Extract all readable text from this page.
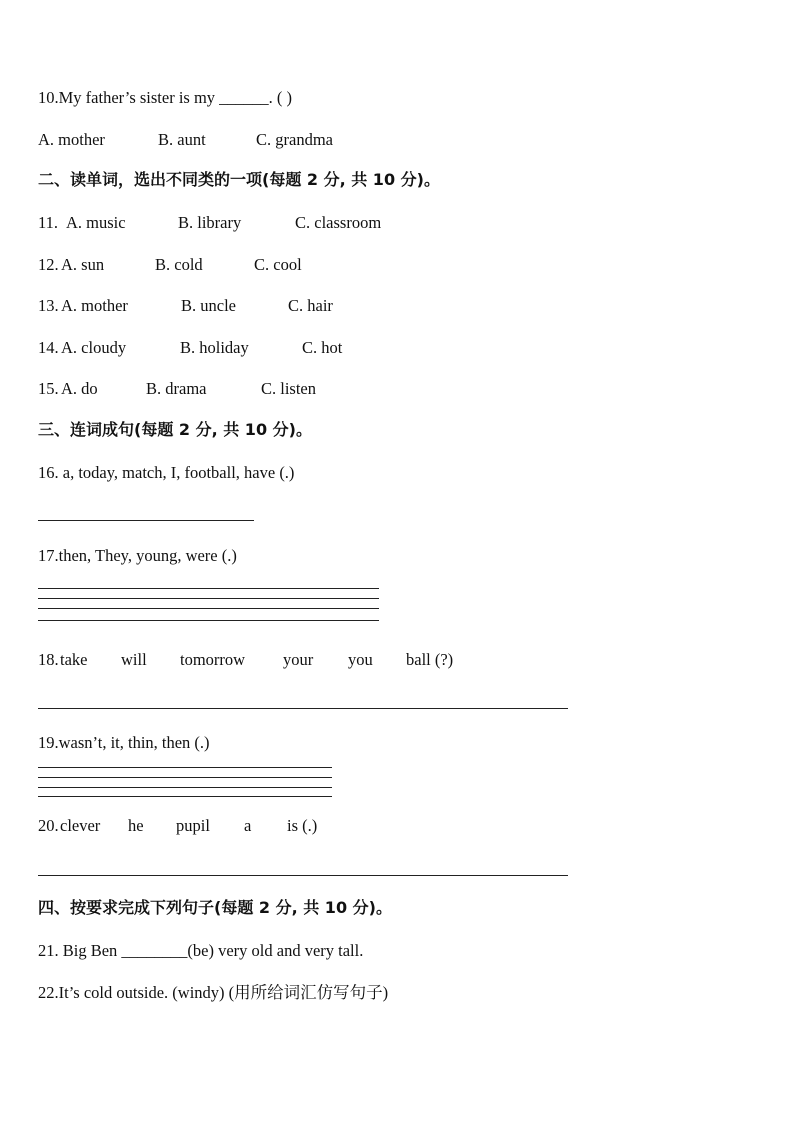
10.My father’s sister is my ______. ( )
A. mother	B. aunt	C. grandma
二、读单词，选出不同类的一项(每题 2 分, 共 10 分)。
11. A. music	B. library	C. classroom
12. A. sun	B. cold	C. cool
13. A. mother	B. uncle	C. hair
14. A. cloudy	B. holiday	C. hot
15. A. do	B. drama	C. listen
三、连词成句(每题 2 分, 共 10 分)。
16. a, today, match, I, football, have (.)
17.then, They, young, were (.)
18.take will tomorrow your you ball (?)
19.wasn’t, it, thin, then (.)
20.clever he pupil a is (.)
四、按要求完成下列句子(每题 2 分, 共 10 分)。
21. Big Ben ________(be) very old and very tall.
22.It’s cold outside. (windy) (用所给词汇仿写句子)
